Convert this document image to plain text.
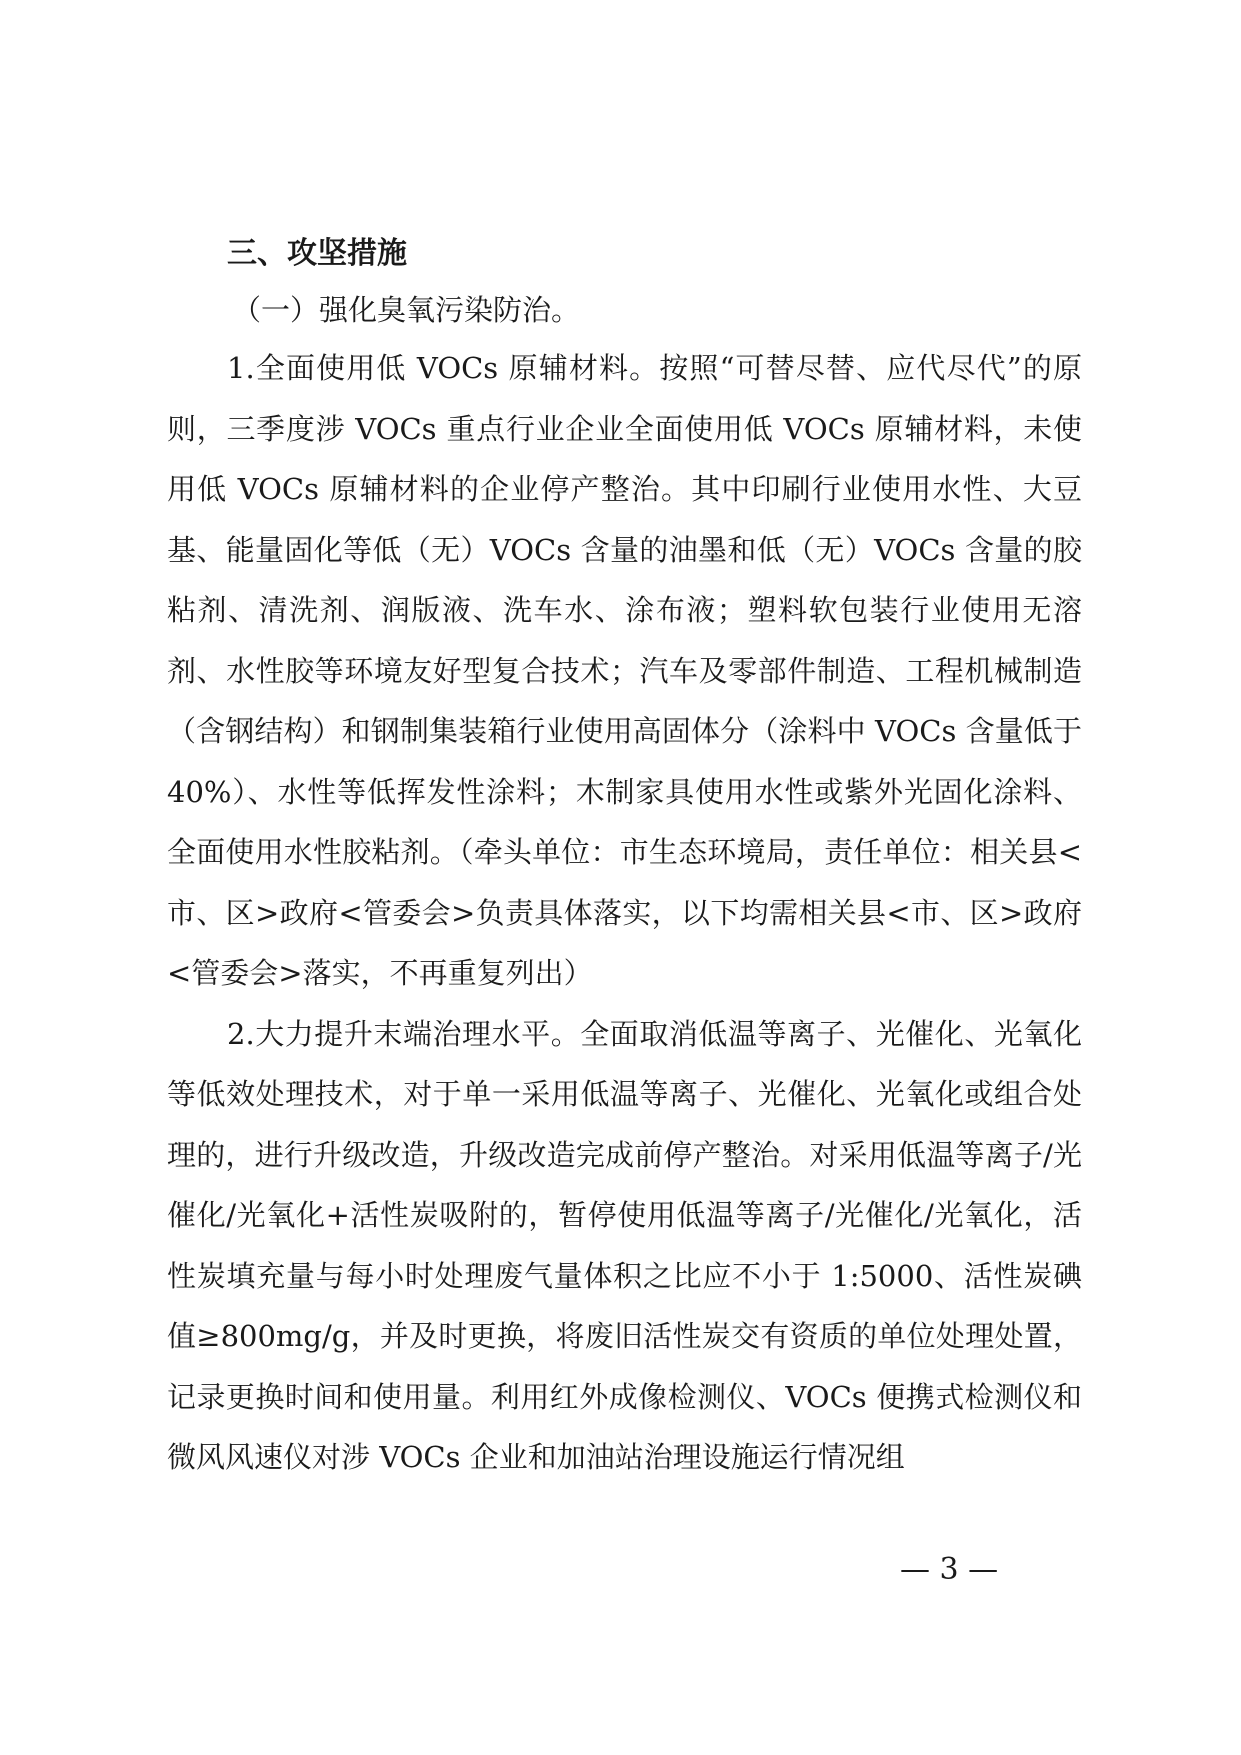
三、攻坚措施
（一）强化臭氧污染防治。

1.全面使用低 VOCs 原辅材料。按照“可替尽替、应代尽代”的原则，三季度涉 VOCs 重点行业企业全面使用低 VOCs 原辅材料，未使用低 VOCs 原辅材料的企业停产整治。其中印刷行业使用水性、大豆基、能量固化等低（无）VOCs 含量的油墨和低（无）VOCs 含量的胶粘剂、清洗剂、润版液、洗车水、涂布液；塑料软包装行业使用无溶剂、水性胶等环境友好型复合技术；汽车及零部件制造、工程机械制造（含钢结构）和钢制集装箱行业使用高固体分（涂料中 VOCs 含量低于 40%）、水性等低挥发性涂料；木制家具使用水性或紫外光固化涂料、全面使用水性胶粘剂。（牵头单位：市生态环境局，责任单位：相关县<市、区>政府<管委会>负责具体落实，以下均需相关县<市、区>政府<管委会>落实，不再重复列出）

2.大力提升末端治理水平。全面取消低温等离子、光催化、光氧化等低效处理技术，对于单一采用低温等离子、光催化、光氧化或组合处理的，进行升级改造，升级改造完成前停产整治。对采用低温等离子/光催化/光氧化+活性炭吸附的，暂停使用低温等离子/光催化/光氧化，活性炭填充量与每小时处理废气量体积之比应不小于 1:5000、活性炭碘值≥800mg/g，并及时更换，将废旧活性炭交有资质的单位处理处置，记录更换时间和使用量。利用红外成像检测仪、VOCs 便携式检测仪和微风风速仪对涉 VOCs 企业和加油站治理设施运行情况组

— 3 —
